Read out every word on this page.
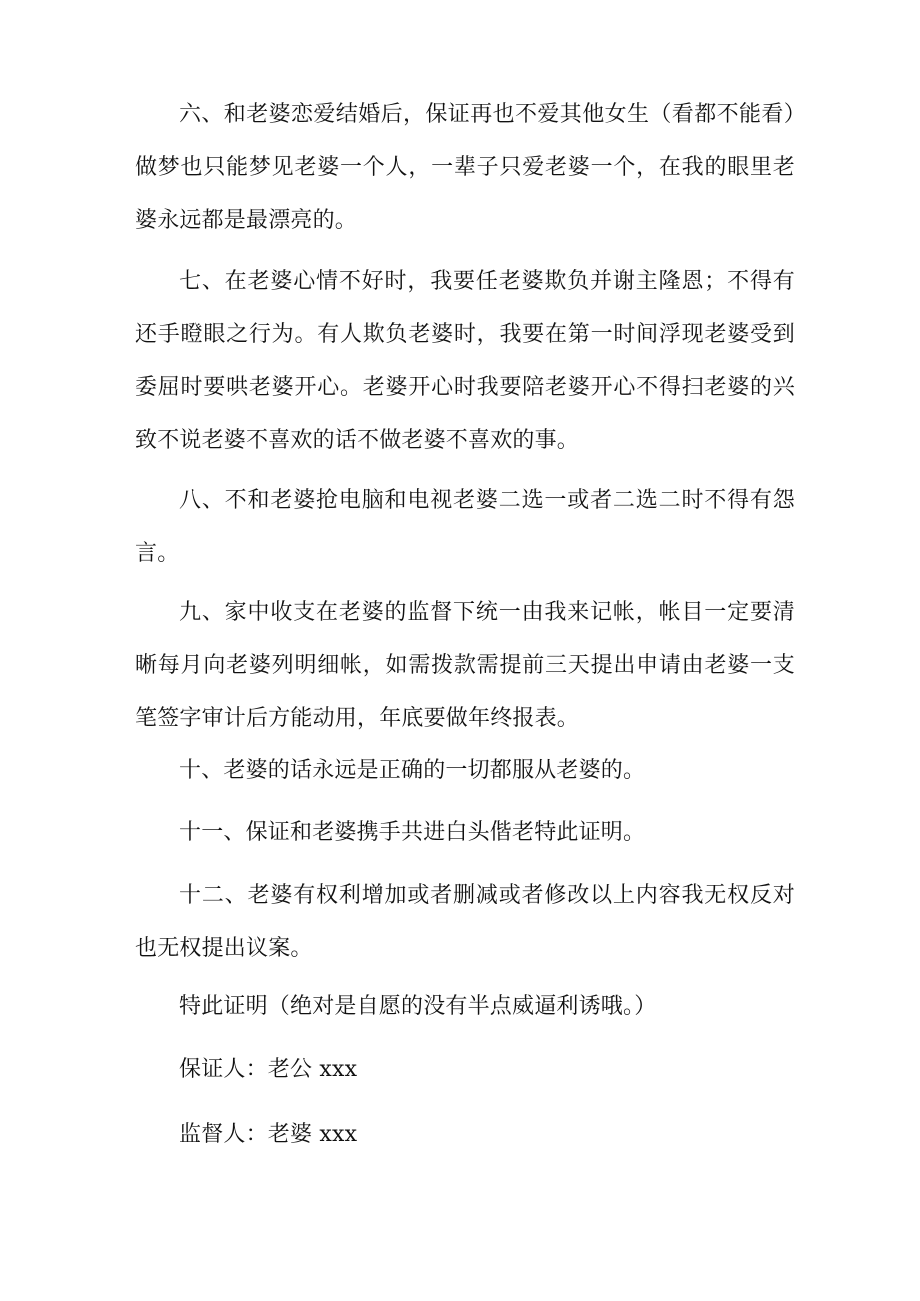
六、和老婆恋爱结婚后，保证再也不爱其他女生（看都不能看）做梦也只能梦见老婆一个人，一辈子只爱老婆一个，在我的眼里老婆永远都是最漂亮的。

七、在老婆心情不好时，我要任老婆欺负并谢主隆恩；不得有还手瞪眼之行为。有人欺负老婆时，我要在第一时间浮现老婆受到委屈时要哄老婆开心。老婆开心时我要陪老婆开心不得扫老婆的兴致不说老婆不喜欢的话不做老婆不喜欢的事。

八、不和老婆抢电脑和电视老婆二选一或者二选二时不得有怨言。

九、家中收支在老婆的监督下统一由我来记帐，帐目一定要清晰每月向老婆列明细帐，如需拨款需提前三天提出申请由老婆一支笔签字审计后方能动用，年底要做年终报表。

十、老婆的话永远是正确的一切都服从老婆的。

十一、保证和老婆携手共进白头偕老特此证明。

十二、老婆有权利增加或者删减或者修改以上内容我无权反对也无权提出议案。

特此证明（绝对是自愿的没有半点威逼利诱哦。）

保证人：老公 xxx

监督人：老婆 xxx
